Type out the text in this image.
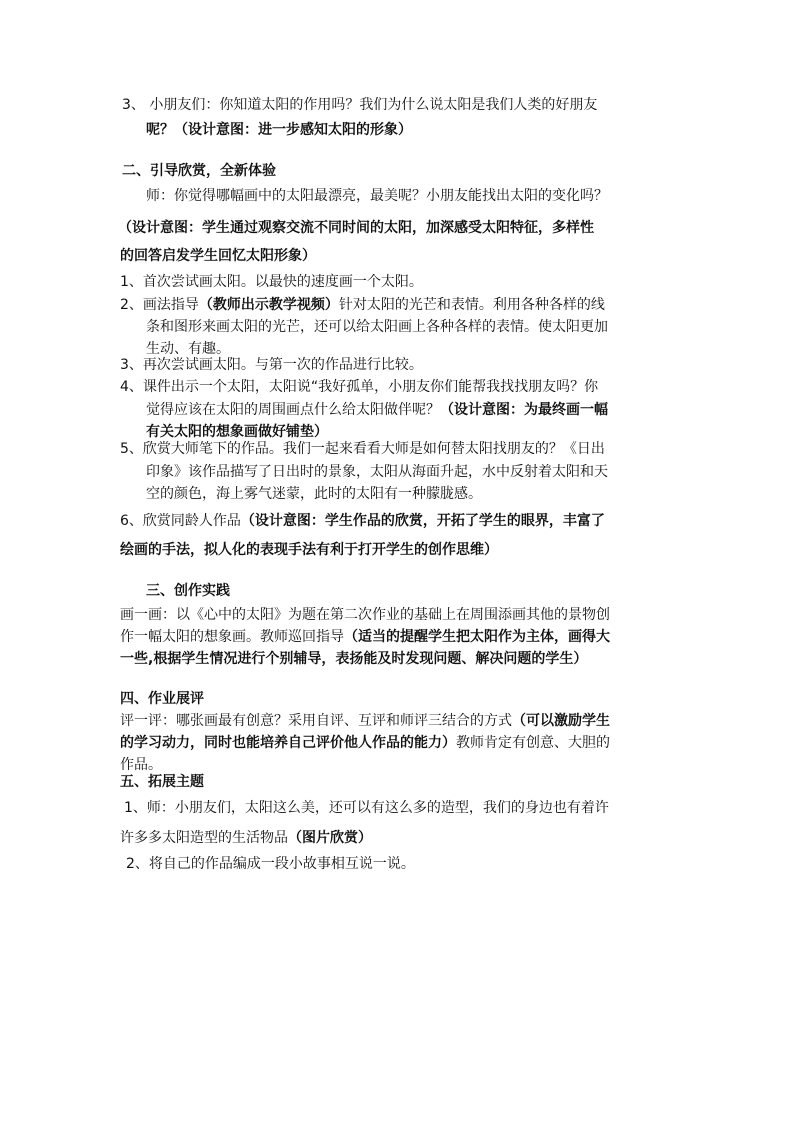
3、 小朋友们：你知道太阳的作用吗？我们为什么说太阳是我们人类的好朋友
呢？（设计意图：进一步感知太阳的形象）
二、引导欣赏，全新体验
师：你觉得哪幅画中的太阳最漂亮，最美呢？小朋友能找出太阳的变化吗？
（设计意图：学生通过观察交流不同时间的太阳，加深感受太阳特征，多样性
的回答启发学生回忆太阳形象）
1、首次尝试画太阳。以最快的速度画一个太阳。
2、画法指导（教师出示教学视频）针对太阳的光芒和表情。利用各种各样的线
条和图形来画太阳的光芒，还可以给太阳画上各种各样的表情。使太阳更加
生动、有趣。
3、再次尝试画太阳。与第一次的作品进行比较。
4、课件出示一个太阳，太阳说“我好孤单，小朋友你们能帮我找找朋友吗？你
觉得应该在太阳的周围画点什么给太阳做伴呢？（设计意图：为最终画一幅
有关太阳的想象画做好铺垫）
5、欣赏大师笔下的作品。我们一起来看看大师是如何替太阳找朋友的？《日出
印象》该作品描写了日出时的景象，太阳从海面升起，水中反射着太阳和天
空的颜色，海上雾气迷蒙，此时的太阳有一种朦胧感。
6、欣赏同龄人作品（设计意图：学生作品的欣赏，开拓了学生的眼界，丰富了
绘画的手法，拟人化的表现手法有利于打开学生的创作思维）
三、创作实践
画一画：以《心中的太阳》为题在第二次作业的基础上在周围添画其他的景物创
作一幅太阳的想象画。教师巡回指导（适当的提醒学生把太阳作为主体，画得大
一些,根据学生情况进行个别辅导，表扬能及时发现问题、解决问题的学生）
四、作业展评
评一评：哪张画最有创意？采用自评、互评和师评三结合的方式（可以激励学生
的学习动力，同时也能培养自己评价他人作品的能力）教师肯定有创意、大胆的
作品。
五、拓展主题
1、师：小朋友们，太阳这么美，还可以有这么多的造型，我们的身边也有着许
许多多太阳造型的生活物品（图片欣赏）
2、将自己的作品编成一段小故事相互说一说。
